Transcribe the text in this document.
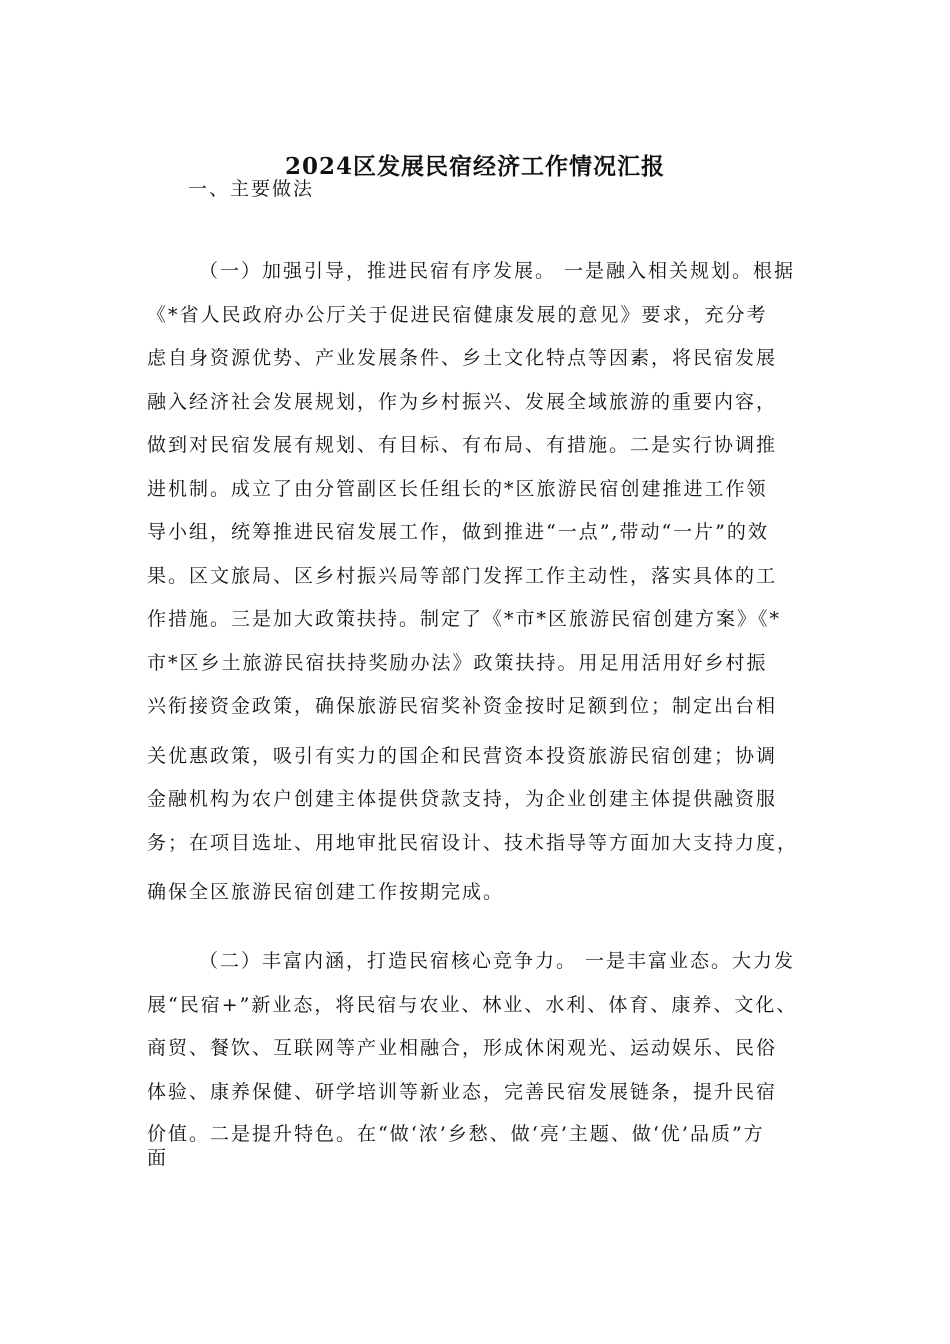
2024区发展民宿经济工作情况汇报
一、主要做法
（一）加强引导，推进民宿有序发展。 一是融入相关规划。根据
《*省人民政府办公厅关于促进民宿健康发展的意见》要求，充分考
虑自身资源优势、产业发展条件、乡土文化特点等因素，将民宿发展
融入经济社会发展规划，作为乡村振兴、发展全域旅游的重要内容，
做到对民宿发展有规划、有目标、有布局、有措施。二是实行协调推
进机制。成立了由分管副区长任组长的*区旅游民宿创建推进工作领
导小组，统筹推进民宿发展工作，做到推进“一点”,带动“一片”的效
果。区文旅局、区乡村振兴局等部门发挥工作主动性，落实具体的工
作措施。三是加大政策扶持。制定了《*市*区旅游民宿创建方案》《*
市*区乡土旅游民宿扶持奖励办法》政策扶持。用足用活用好乡村振
兴衔接资金政策，确保旅游民宿奖补资金按时足额到位；制定出台相
关优惠政策，吸引有实力的国企和民营资本投资旅游民宿创建；协调
金融机构为农户创建主体提供贷款支持，为企业创建主体提供融资服
务；在项目选址、用地审批民宿设计、技术指导等方面加大支持力度，
确保全区旅游民宿创建工作按期完成。
（二）丰富内涵，打造民宿核心竞争力。 一是丰富业态。大力发
展“民宿+”新业态，将民宿与农业、林业、水利、体育、康养、文化、
商贸、餐饮、互联网等产业相融合，形成休闲观光、运动娱乐、民俗
体验、康养保健、研学培训等新业态，完善民宿发展链条，提升民宿
价值。二是提升特色。在“做‘浓’乡愁、做‘亮’主题、做‘优’品质”方
面
